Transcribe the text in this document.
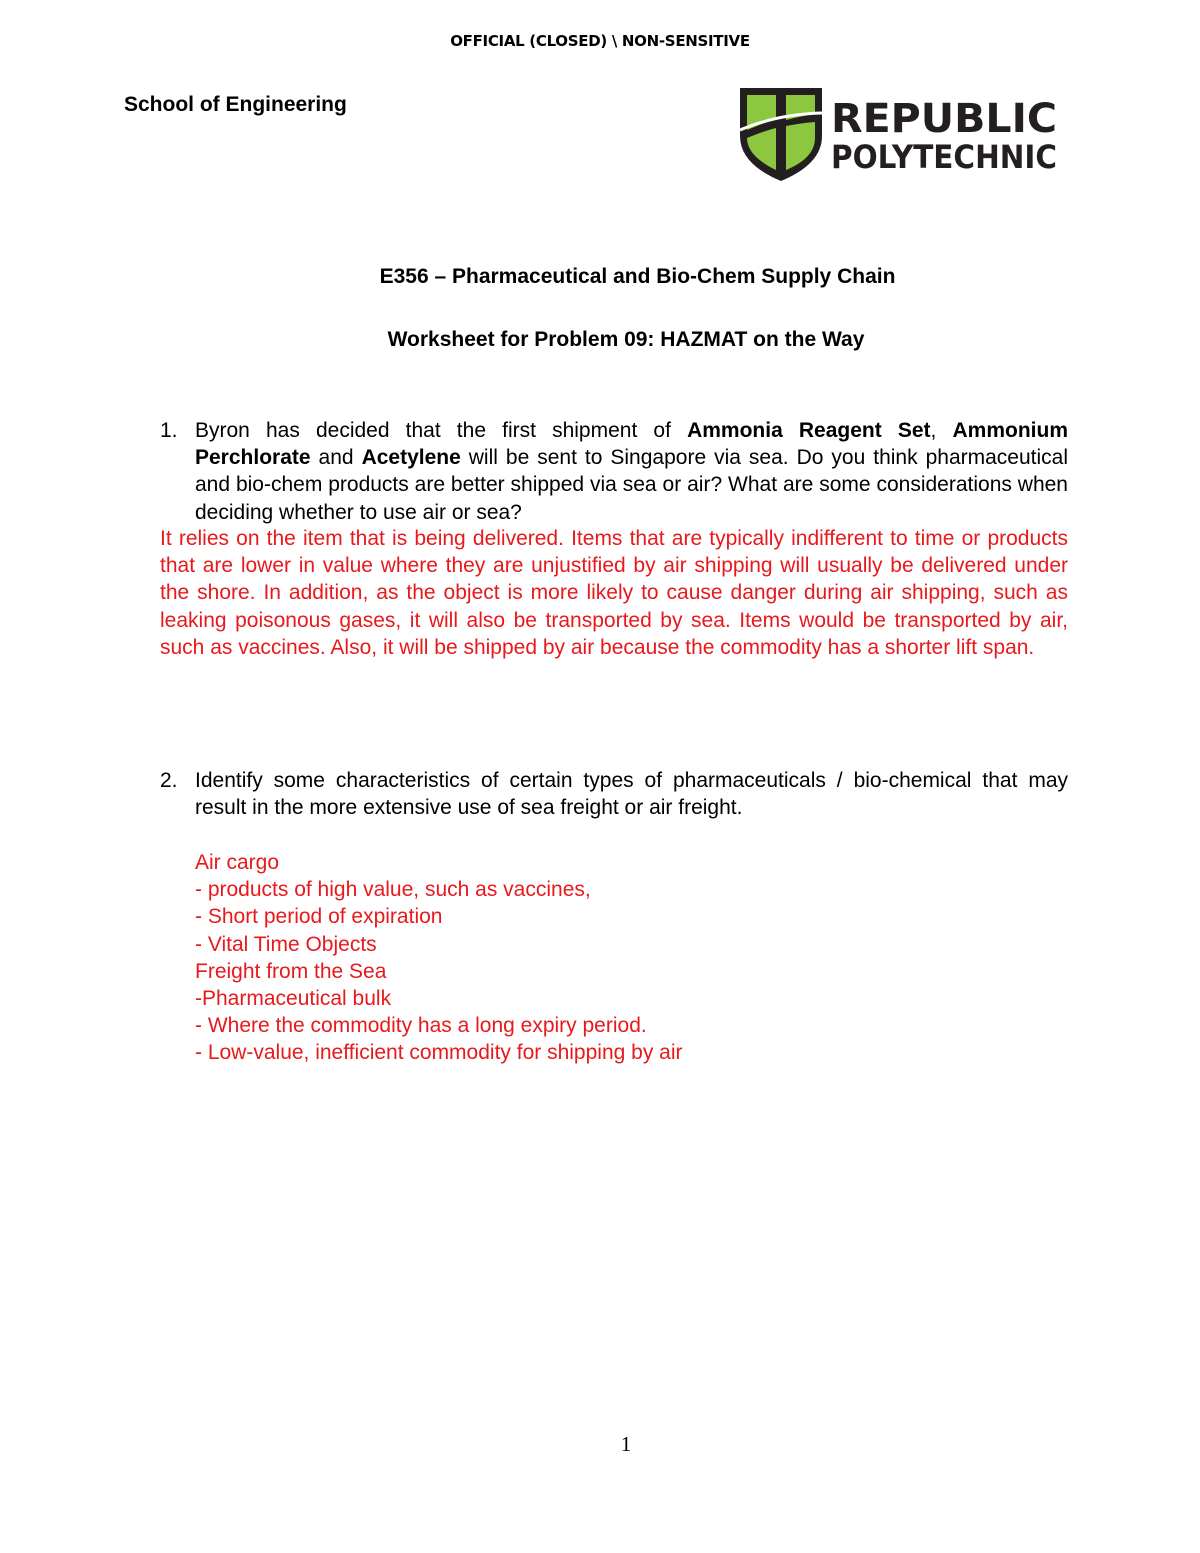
OFFICIAL (CLOSED) \ NON-SENSITIVE
School of Engineering	REPUBLIC
POLYTECHNIC
E356 – Pharmaceutical and Bio-Chem Supply Chain
Worksheet for Problem 09: HAZMAT on the Way
1. Byron has decided that the first shipment of Ammonia Reagent Set, Ammonium Perchlorate and Acetylene will be sent to Singapore via sea. Do you think pharmaceutical and bio-chem products are better shipped via sea or air? What are some considerations when deciding whether to use air or sea?
It relies on the item that is being delivered. Items that are typically indifferent to time or products that are lower in value where they are unjustified by air shipping will usually be delivered under the shore. In addition, as the object is more likely to cause danger during air shipping, such as leaking poisonous gases, it will also be transported by sea. Items would be transported by air, such as vaccines. Also, it will be shipped by air because the commodity has a shorter lift span.
2. Identify some characteristics of certain types of pharmaceuticals / bio-chemical that may result in the more extensive use of sea freight or air freight.
Air cargo
- products of high value, such as vaccines,
- Short period of expiration
- Vital Time Objects
Freight from the Sea
-Pharmaceutical bulk
- Where the commodity has a long expiry period.
- Low-value, inefficient commodity for shipping by air
1
